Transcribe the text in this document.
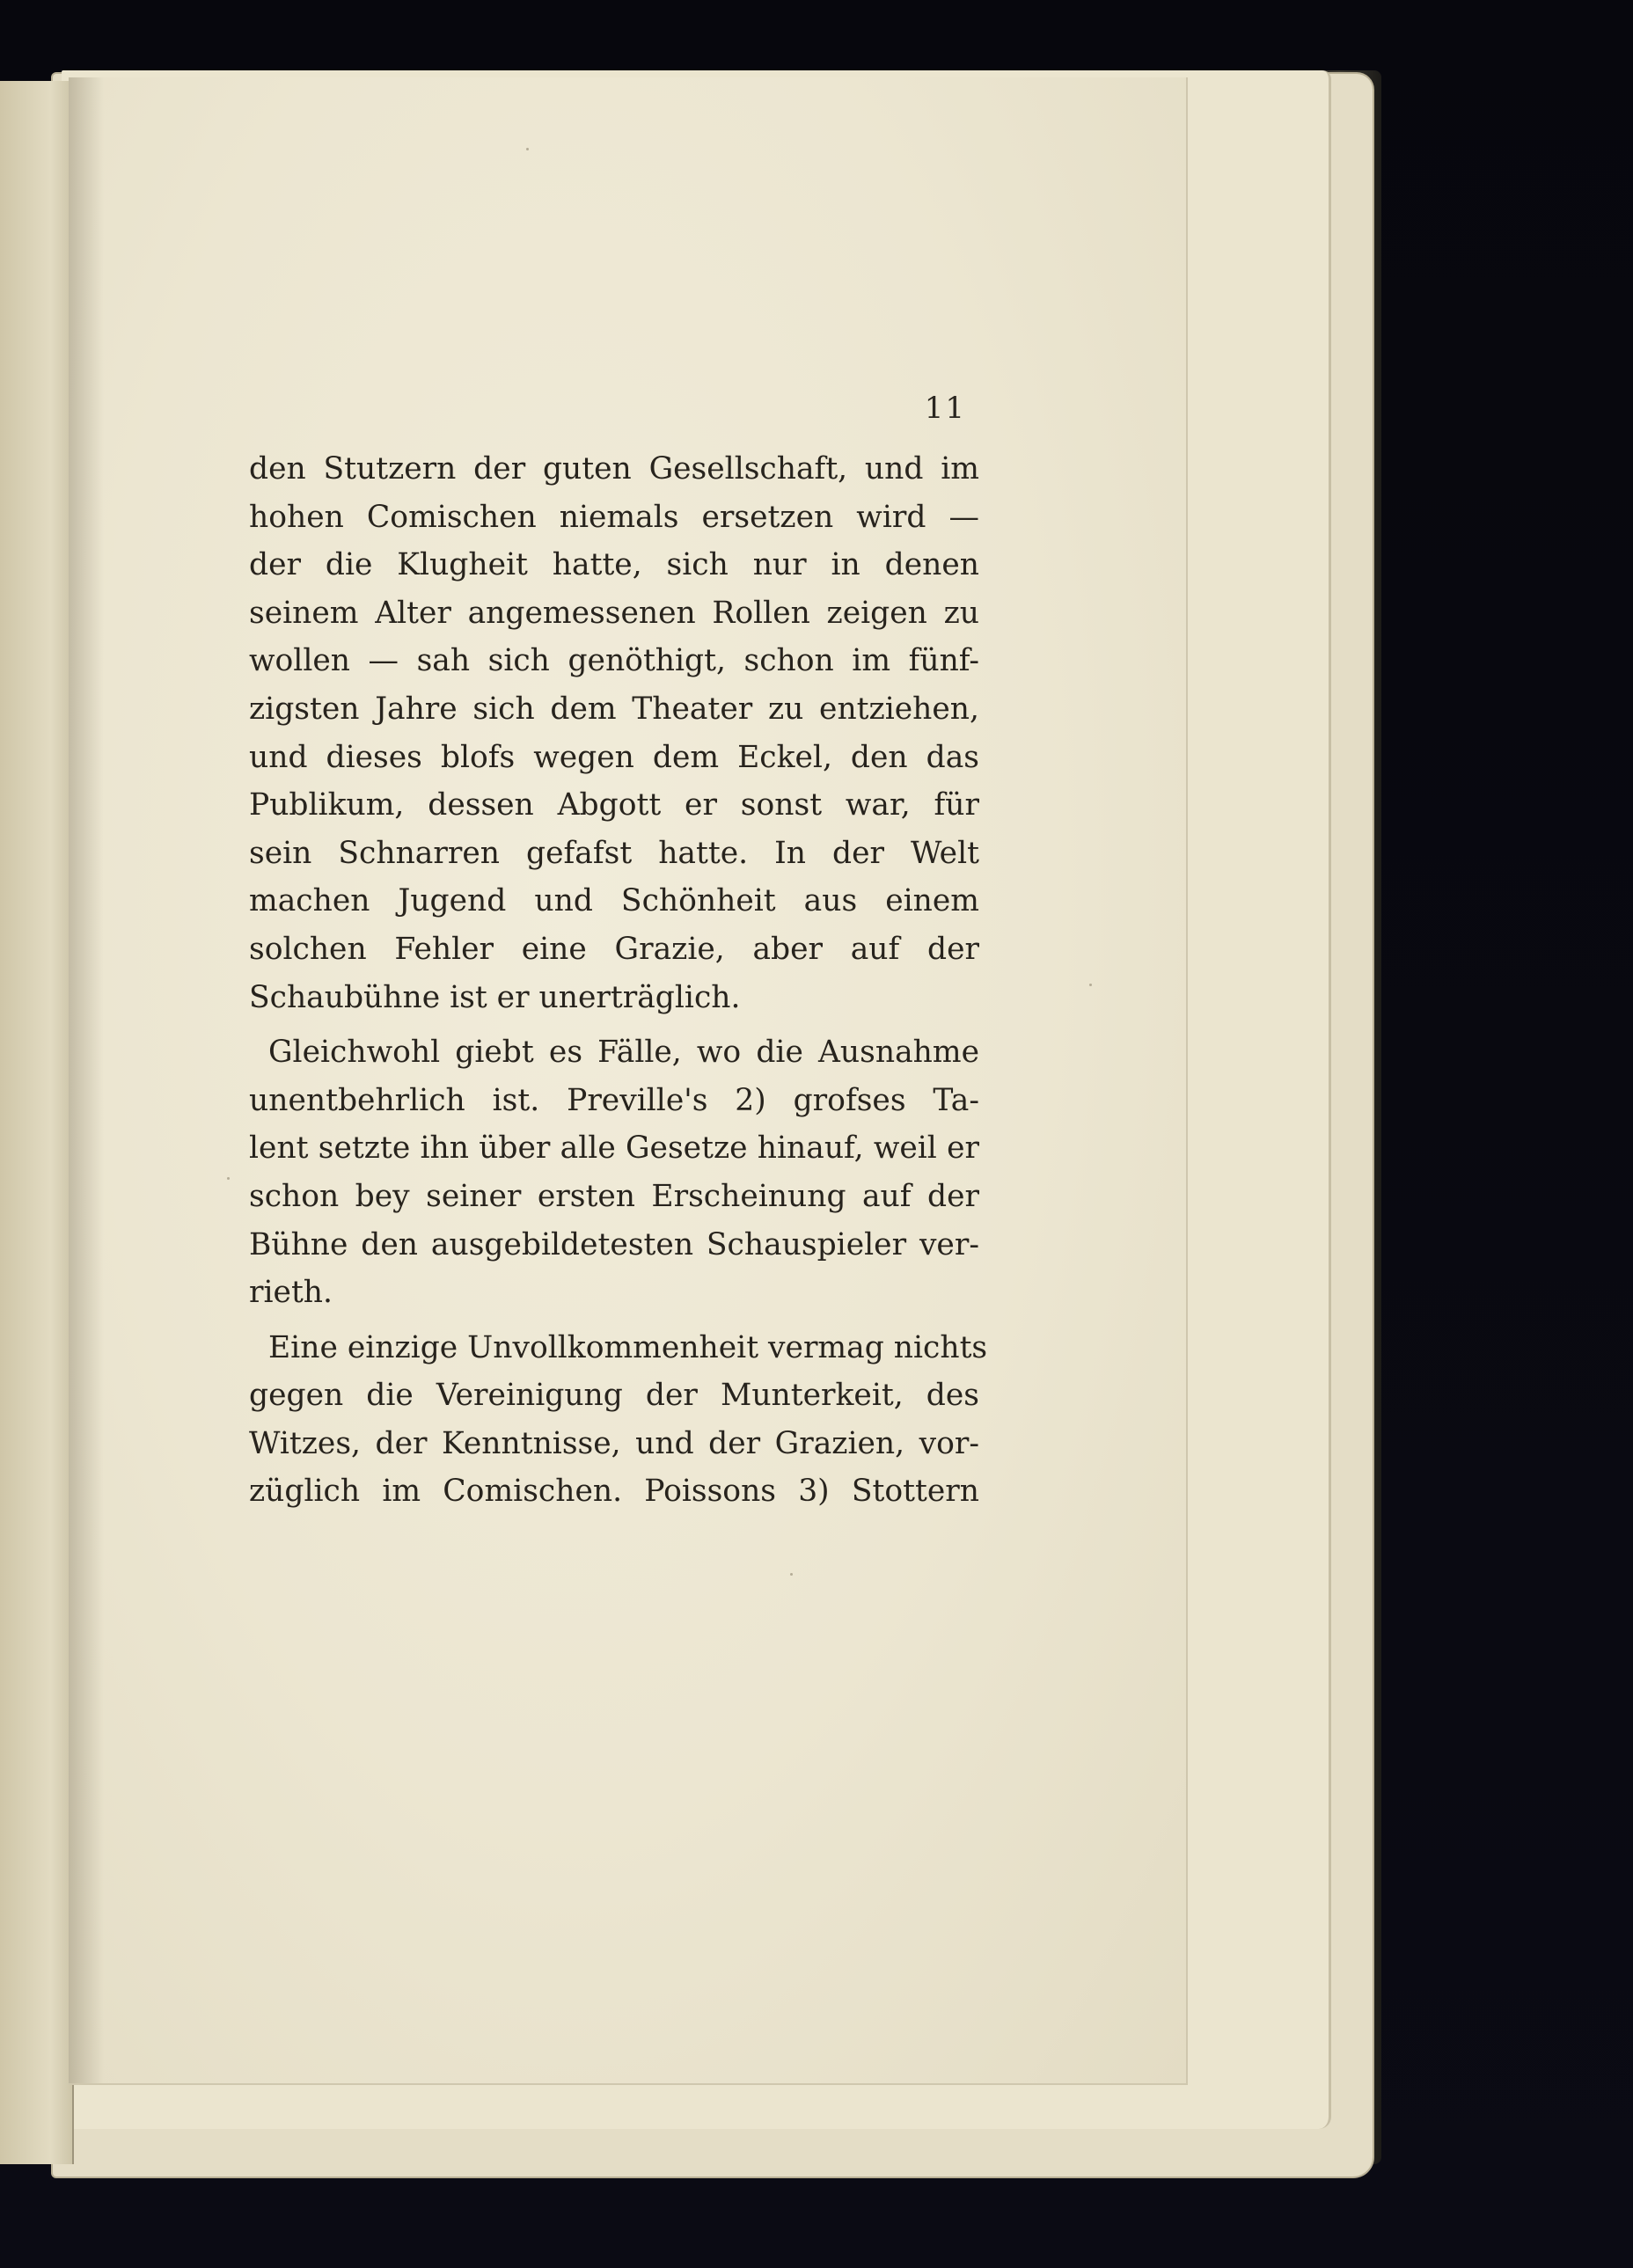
11
den Stutzern der guten Gesellschaft, und im
hohen Comischen niemals ersetzen wird —
der die Klugheit hatte, sich nur in denen
seinem Alter angemessenen Rollen zeigen zu
wollen — sah sich genöthigt, schon im fünf-
zigsten Jahre sich dem Theater zu entziehen,
und dieses blofs wegen dem Eckel, den das
Publikum, dessen Abgott er sonst war, für
sein Schnarren gefafst hatte. In der Welt
machen Jugend und Schönheit aus einem
solchen Fehler eine Grazie, aber auf der
Schaubühne ist er unerträglich.
Gleichwohl giebt es Fälle, wo die Ausnahme
unentbehrlich ist. Preville's 2) grofses Ta-
lent setzte ihn über alle Gesetze hinauf, weil er
schon bey seiner ersten Erscheinung auf der
Bühne den ausgebildetesten Schauspieler ver-
rieth.
Eine einzige Unvollkommenheit vermag nichts
gegen die Vereinigung der Munterkeit, des
Witzes, der Kenntnisse, und der Grazien, vor-
züglich im Comischen. Poissons 3) Stottern
